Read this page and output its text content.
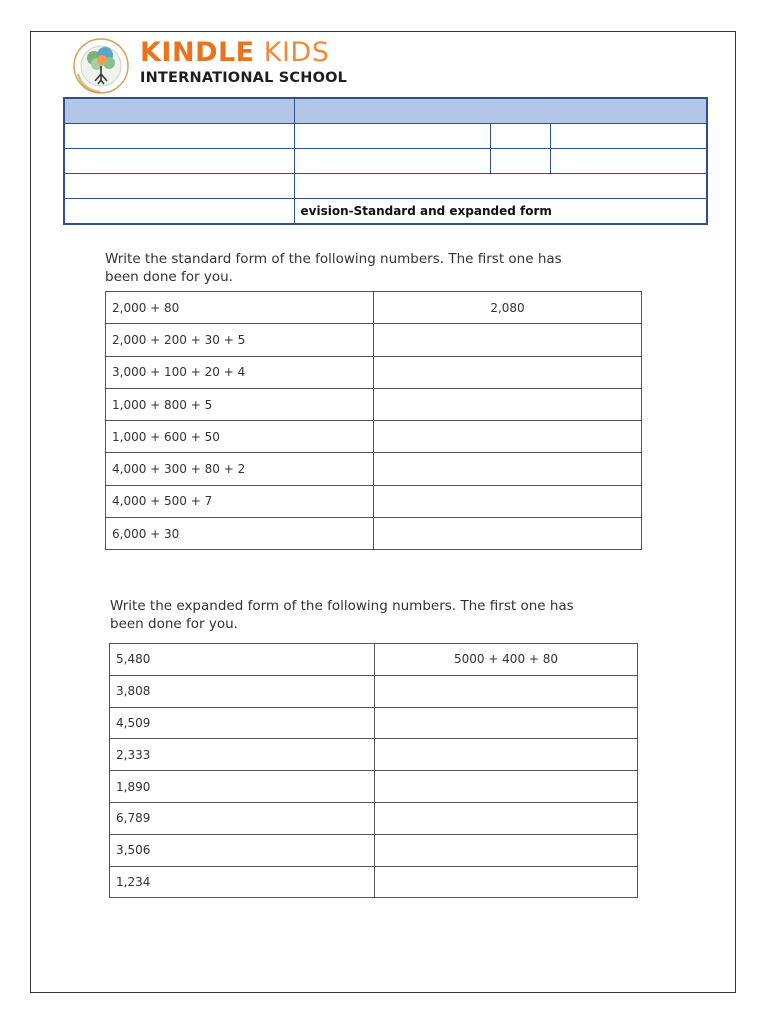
KINDLE KIDS
INTERNATIONAL SCHOOL

	evision-Standard and expanded form		
Write the standard form of the following numbers. The first one has been done for you.
2,000 + 80	2,080
2,000 + 200 + 30 + 5	
3,000 + 100 + 20 + 4	
1,000 + 800 + 5	
1,000 + 600 + 50	
4,000 + 300 + 80 + 2	
4,000 + 500 + 7	
6,000 + 30	
Write the expanded form of the following numbers. The first one has been done for you.
5,480	5000 + 400 + 80
3,808	
4,509	
2,333	
1,890	
6,789	
3,506	
1,234	
